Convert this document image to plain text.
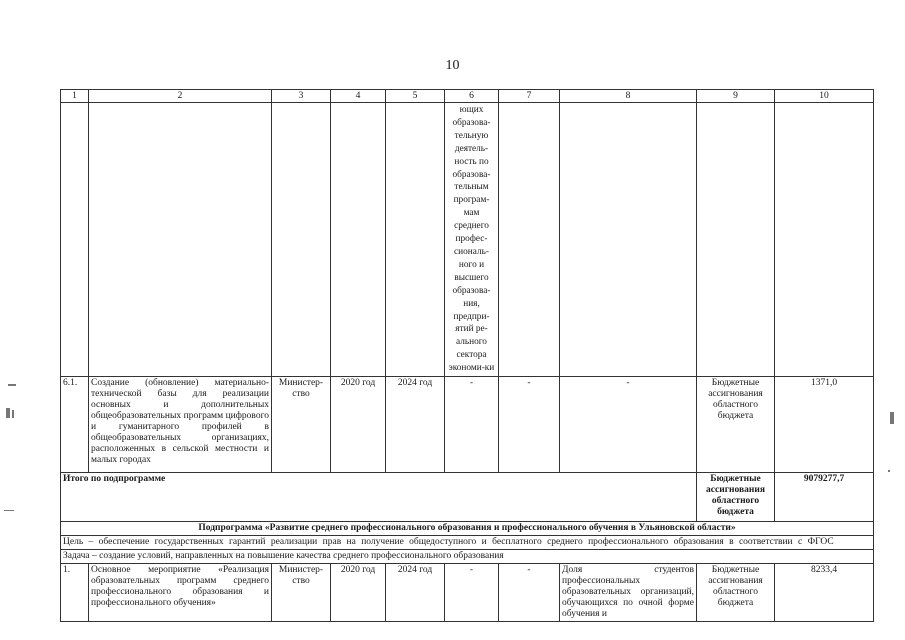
10
1	2	3	4	5	6	7	8	9	10
					ющих образова-тельную деятель-ность по образова-тельным програм-мам среднего профес-сиональ-ного и высшего образова-ния, предпри-ятий ре-ального сектора экономи-ки				
6.1.	Создание (обновление) материально-технической базы для реализации основных и дополнительных общеобразовательных программ цифрового и гуманитарного профилей в общеобразовательных организациях, расположенных в сельской местности и малых городах	Министер-ство	2020 год	2024 год	-	-	-	Бюджетные ассигнования областного бюджета	1371,0
Итого по подпрограмме								Бюджетные ассигнования областного бюджета	9079277,7
Подпрограмма «Развитие среднего профессионального образования и профессионального обучения в Ульяновской области»									
Цель – обеспечение государственных гарантий реализации прав на получение общедоступного и бесплатного среднего профессионального образования в соответствии с ФГОС									
Задача – создание условий, направленных на повышение качества среднего профессионального образования									
1.	Основное мероприятие «Реализация образовательных программ среднего профессионального образования и профессионального обучения»	Министер-ство	2020 год	2024 год	-	-	Доля студентов профессиональных образовательных организаций, обучающихся по очной форме обучения и	Бюджетные ассигнования областного бюджета	8233,4
